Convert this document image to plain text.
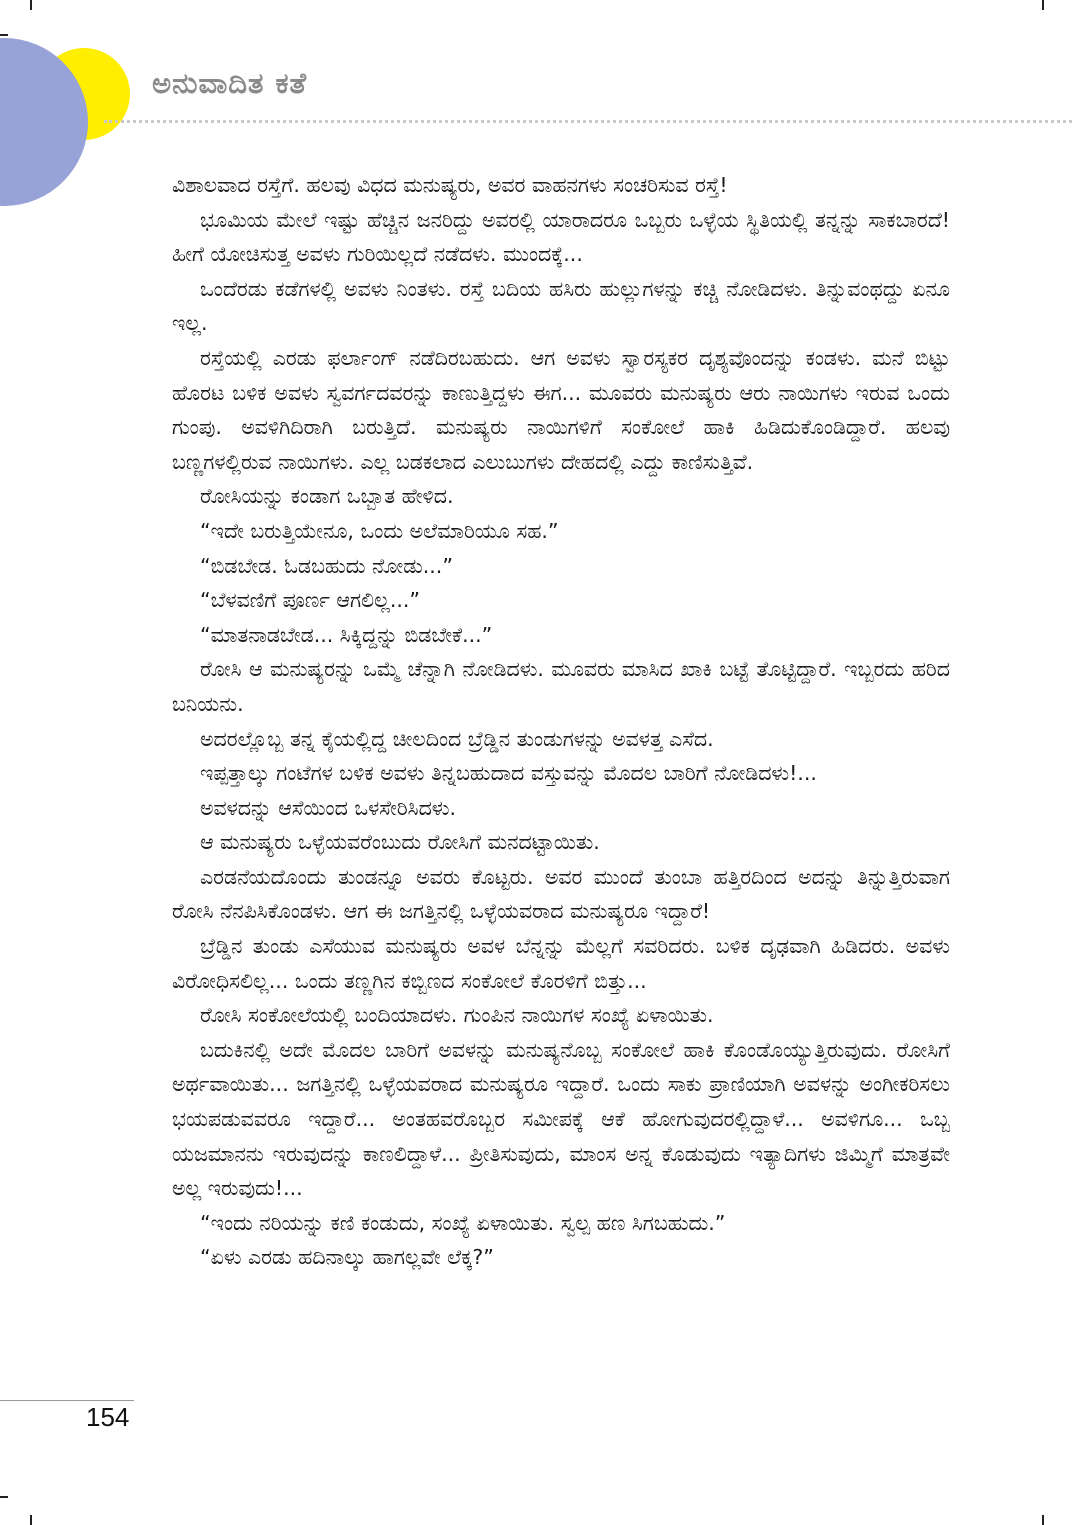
ಅನುವಾದಿತ ಕತೆ

ವಿಶಾಲವಾದ ರಸ್ತೆಗೆ. ಹಲವು ವಿಧದ ಮನುಷ್ಯರು, ಅವರ ವಾಹನಗಳು ಸಂಚರಿಸುವ ರಸ್ತೆ!

ಭೂಮಿಯ ಮೇಲೆ ಇಷ್ಟು ಹೆಚ್ಚಿನ ಜನರಿದ್ದು ಅವರಲ್ಲಿ ಯಾರಾದರೂ ಒಬ್ಬರು ಒಳ್ಳೆಯ ಸ್ಥಿತಿಯಲ್ಲಿ ತನ್ನನ್ನು ಸಾಕಬಾರದೆ! ಹೀಗೆ ಯೋಚಿಸುತ್ತ ಅವಳು ಗುರಿಯಿಲ್ಲದೆ ನಡೆದಳು. ಮುಂದಕ್ಕೆ...

ಒಂದೆರಡು ಕಡೆಗಳಲ್ಲಿ ಅವಳು ನಿಂತಳು. ರಸ್ತೆ ಬದಿಯ ಹಸಿರು ಹುಲ್ಲುಗಳನ್ನು ಕಚ್ಚಿ ನೋಡಿದಳು. ತಿನ್ನುವಂಥದ್ದು ಏನೂ ಇಲ್ಲ.

ರಸ್ತೆಯಲ್ಲಿ ಎರಡು ಫರ್ಲಾಂಗ್ ನಡೆದಿರಬಹುದು. ಆಗ ಅವಳು ಸ್ವಾರಸ್ಯಕರ ದೃಶ್ಯವೊಂದನ್ನು ಕಂಡಳು. ಮನೆ ಬಿಟ್ಟು ಹೊರಟ ಬಳಿಕ ಅವಳು ಸ್ವವರ್ಗದವರನ್ನು ಕಾಣುತ್ತಿದ್ದಳು ಈಗ... ಮೂವರು ಮನುಷ್ಯರು ಆರು ನಾಯಿಗಳು ಇರುವ ಒಂದು ಗುಂಪು. ಅವಳಿಗಿದಿರಾಗಿ ಬರುತ್ತಿದೆ. ಮನುಷ್ಯರು ನಾಯಿಗಳಿಗೆ ಸಂಕೋಲೆ ಹಾಕಿ ಹಿಡಿದುಕೊಂಡಿದ್ದಾರೆ. ಹಲವು ಬಣ್ಣಗಳಲ್ಲಿರುವ ನಾಯಿಗಳು. ಎಲ್ಲ ಬಡಕಲಾದ ಎಲುಬುಗಳು ದೇಹದಲ್ಲಿ ಎದ್ದು ಕಾಣಿಸುತ್ತಿವೆ.

ರೋಸಿಯನ್ನು ಕಂಡಾಗ ಒಬ್ಬಾತ ಹೇಳಿದ.

“ಇದೇ ಬರುತ್ತಿಯೇನೂ, ಒಂದು ಅಲೆಮಾರಿಯೂ ಸಹ.”

“ಬಿಡಬೇಡ. ಓಡಬಹುದು ನೋಡು...”

“ಬೆಳವಣಿಗೆ ಪೂರ್ಣ ಆಗಲಿಲ್ಲ...”

“ಮಾತನಾಡಬೇಡ... ಸಿಕ್ಕಿದ್ದನ್ನು ಬಿಡಬೇಕೆ...”

ರೋಸಿ ಆ ಮನುಷ್ಯರನ್ನು ಒಮ್ಮೆ ಚೆನ್ನಾಗಿ ನೋಡಿದಳು. ಮೂವರು ಮಾಸಿದ ಖಾಕಿ ಬಟ್ಟೆ ತೊಟ್ಟಿದ್ದಾರೆ. ಇಬ್ಬರದು ಹರಿದ ಬನಿಯನು.

ಅದರಲ್ಲೊಬ್ಬ ತನ್ನ ಕೈಯಲ್ಲಿದ್ದ ಚೀಲದಿಂದ ಬ್ರೆಡ್ಡಿನ ತುಂಡುಗಳನ್ನು ಅವಳತ್ತ ಎಸೆದ.

ಇಪ್ಪತ್ತಾಲ್ಕು ಗಂಟೆಗಳ ಬಳಿಕ ಅವಳು ತಿನ್ನಬಹುದಾದ ವಸ್ತುವನ್ನು ಮೊದಲ ಬಾರಿಗೆ ನೋಡಿದಳು!...

ಅವಳದನ್ನು ಆಸೆಯಿಂದ ಒಳಸೇರಿಸಿದಳು.

ಆ ಮನುಷ್ಯರು ಒಳ್ಳೆಯವರೆಂಬುದು ರೋಸಿಗೆ ಮನದಟ್ಟಾಯಿತು.

ಎರಡನೆಯದೊಂದು ತುಂಡನ್ನೂ ಅವರು ಕೊಟ್ಟರು. ಅವರ ಮುಂದೆ ತುಂಬಾ ಹತ್ತಿರದಿಂದ ಅದನ್ನು ತಿನ್ನುತ್ತಿರುವಾಗ ರೋಸಿ ನೆನಪಿಸಿಕೊಂಡಳು. ಆಗ ಈ ಜಗತ್ತಿನಲ್ಲಿ ಒಳ್ಳೆಯವರಾದ ಮನುಷ್ಯರೂ ಇದ್ದಾರೆ!

ಬ್ರೆಡ್ಡಿನ ತುಂಡು ಎಸೆಯುವ ಮನುಷ್ಯರು ಅವಳ ಬೆನ್ನನ್ನು ಮೆಲ್ಲಗೆ ಸವರಿದರು. ಬಳಿಕ ದೃಢವಾಗಿ ಹಿಡಿದರು. ಅವಳು ವಿರೋಧಿಸಲಿಲ್ಲ... ಒಂದು ತಣ್ಣಗಿನ ಕಬ್ಬಿಣದ ಸಂಕೋಲೆ ಕೊರಳಿಗೆ ಬಿತ್ತು...

ರೋಸಿ ಸಂಕೋಲೆಯಲ್ಲಿ ಬಂದಿಯಾದಳು. ಗುಂಪಿನ ನಾಯಿಗಳ ಸಂಖ್ಯೆ ಏಳಾಯಿತು.

ಬದುಕಿನಲ್ಲಿ ಅದೇ ಮೊದಲ ಬಾರಿಗೆ ಅವಳನ್ನು ಮನುಷ್ಯನೊಬ್ಬ ಸಂಕೋಲೆ ಹಾಕಿ ಕೊಂಡೊಯ್ಯುತ್ತಿರುವುದು. ರೋಸಿಗೆ ಅರ್ಥವಾಯಿತು... ಜಗತ್ತಿನಲ್ಲಿ ಒಳ್ಳೆಯವರಾದ ಮನುಷ್ಯರೂ ಇದ್ದಾರೆ. ಒಂದು ಸಾಕು ಪ್ರಾಣಿಯಾಗಿ ಅವಳನ್ನು ಅಂಗೀಕರಿಸಲು ಭಯಪಡುವವರೂ ಇದ್ದಾರೆ... ಅಂತಹವರೊಬ್ಬರ ಸಮೀಪಕ್ಕೆ ಆಕೆ ಹೋಗುವುದರಲ್ಲಿದ್ದಾಳೆ... ಅವಳಿಗೂ... ಒಬ್ಬ ಯಜಮಾನನು ಇರುವುದನ್ನು ಕಾಣಲಿದ್ದಾಳೆ... ಪ್ರೀತಿಸುವುದು, ಮಾಂಸ ಅನ್ನ ಕೊಡುವುದು ಇತ್ಯಾದಿಗಳು ಜಿಮ್ಮಿಗೆ ಮಾತ್ರವೇ ಅಲ್ಲ ಇರುವುದು!...

“ಇಂದು ನರಿಯನ್ನು ಕಣಿ ಕಂಡುದು, ಸಂಖ್ಯೆ ಏಳಾಯಿತು. ಸ್ವಲ್ಪ ಹಣ ಸಿಗಬಹುದು.”

“ಏಳು ಎರಡು ಹದಿನಾಲ್ಕು ಹಾಗಲ್ಲವೇ ಲೆಕ್ಕ?”

154
